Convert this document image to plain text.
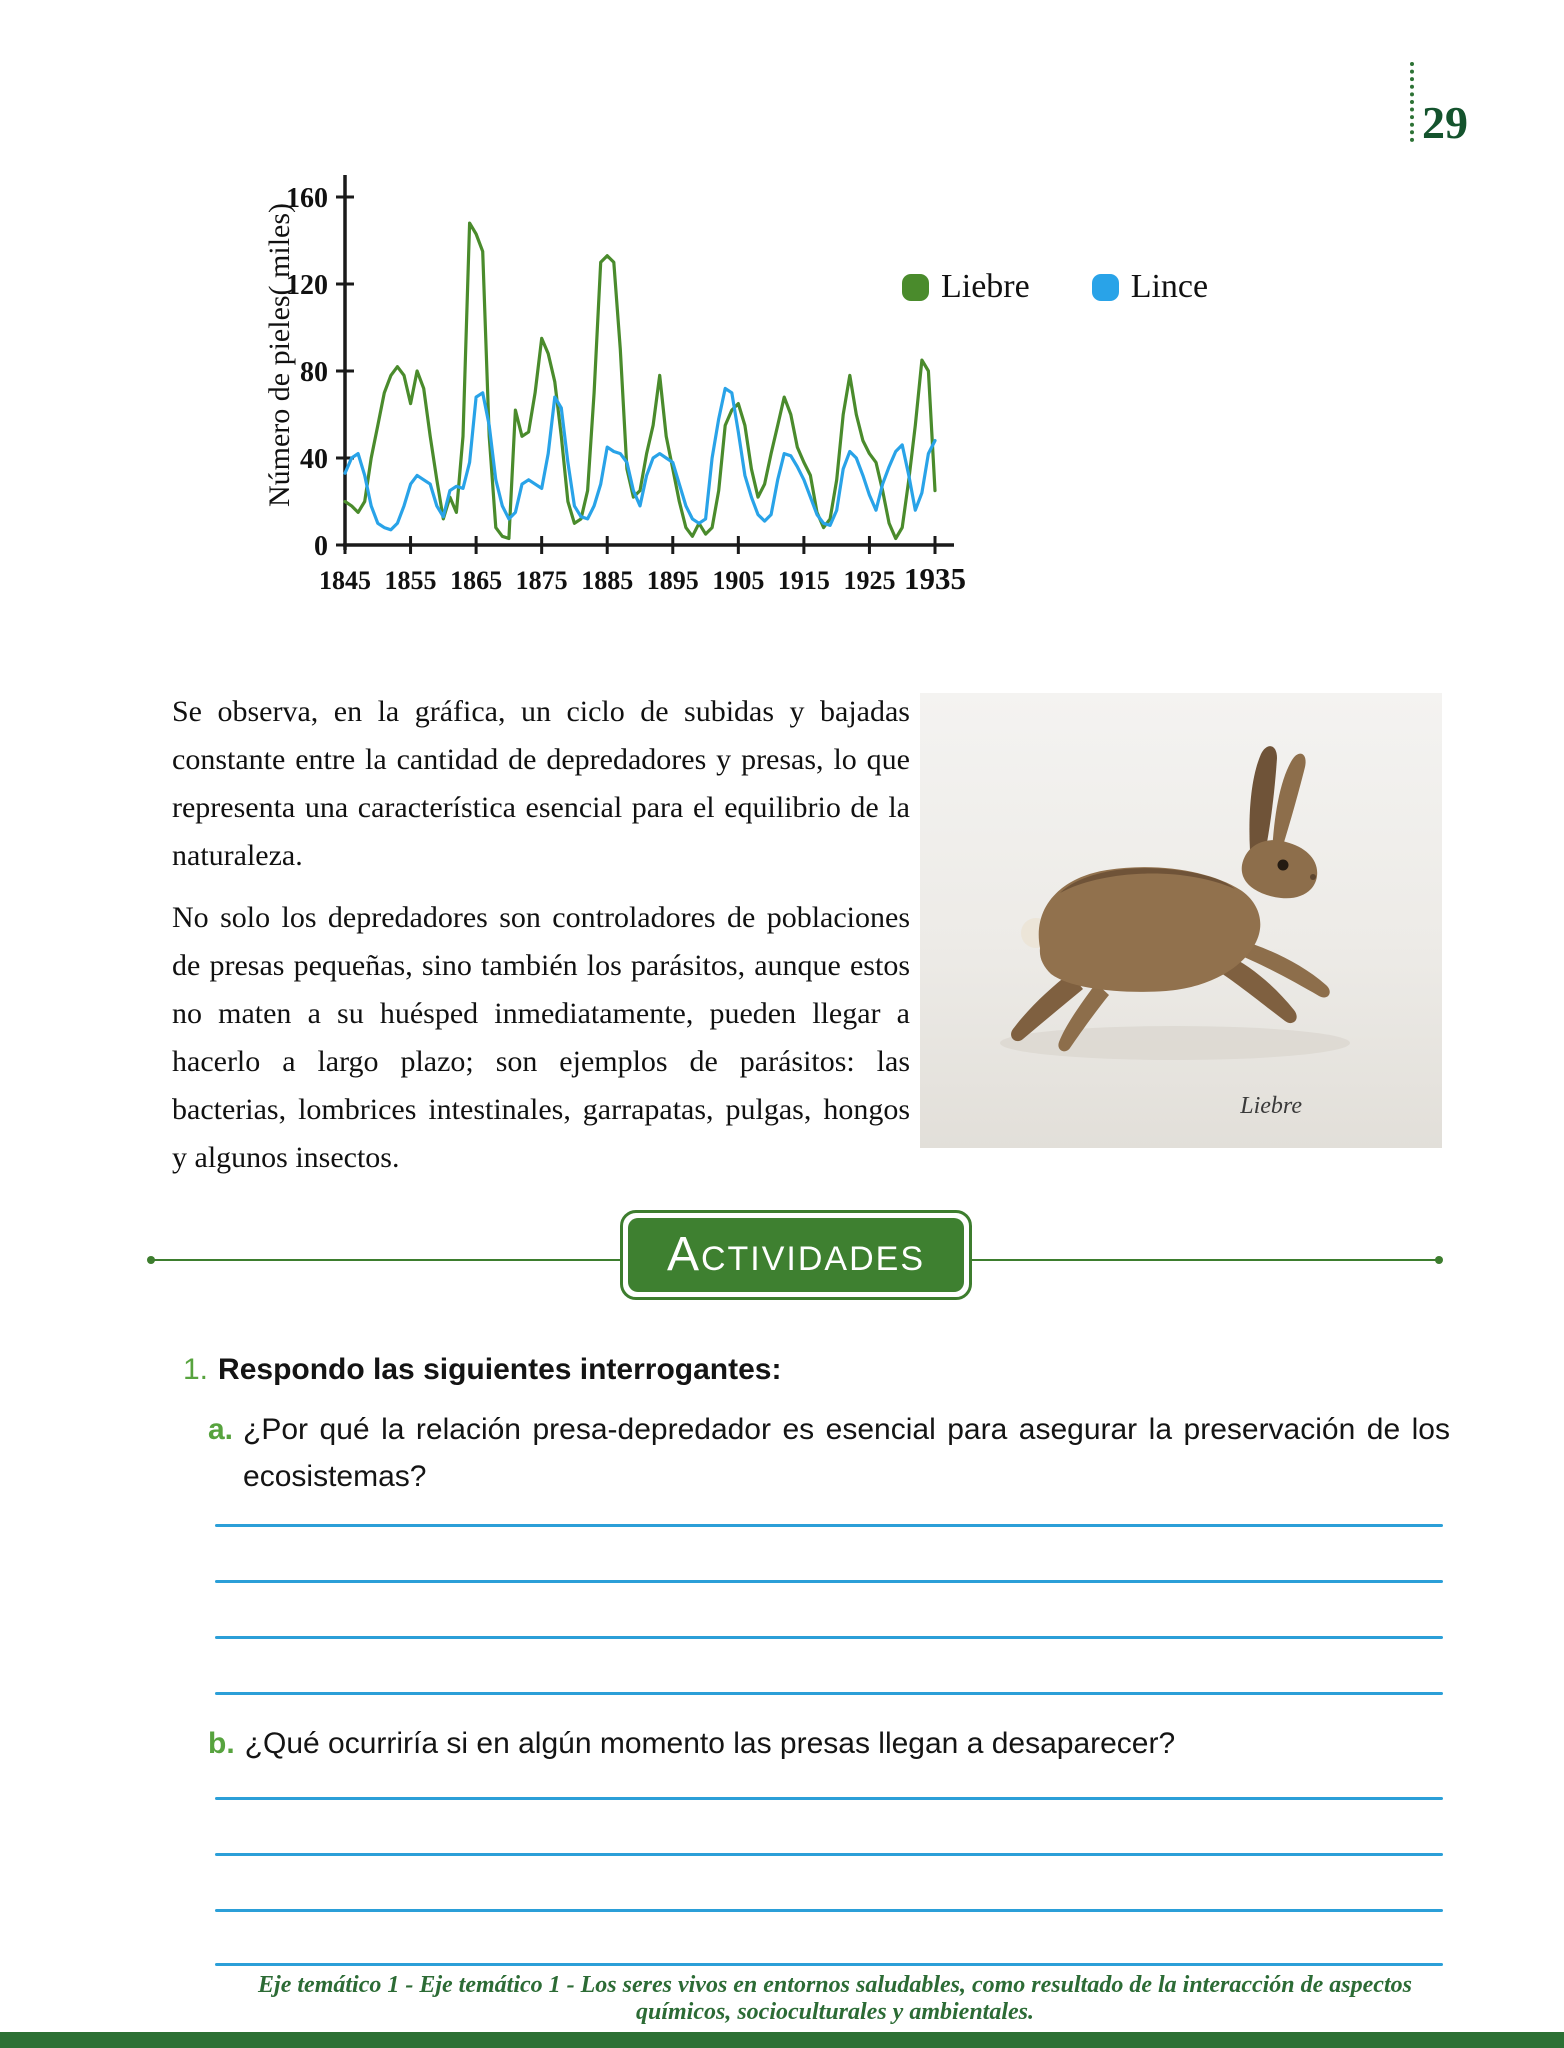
29
Número de pieles( miles)
0
40
80
120
160
1845 1855 1865 1875 1885 1895 1905 1915 1925 1935
Liebre	Lince

Se observa, en la gráfica, un ciclo de subidas y bajadas constante entre la cantidad de depredadores y presas, lo que representa una característica esencial para el equilibrio de la naturaleza.

No solo los depredadores son controladores de poblaciones de presas pequeñas, sino también los parásitos, aunque estos no maten a su huésped inmediatamente, pueden llegar a hacerlo a largo plazo; son ejemplos de parásitos: las bacterias, lombrices intestinales, garrapatas, pulgas, hongos y algunos insectos.

Liebre
Actividades
1. Respondo las siguientes interrogantes:
a. ¿Por qué la relación presa-depredador es esencial para asegurar la preservación de los ecosistemas?
b. ¿Qué ocurriría si en algún momento las presas llegan a desaparecer?
Eje temático 1 - Eje temático 1 - Los seres vivos en entornos saludables, como resultado de la interacción de aspectos químicos, socioculturales y ambientales.
